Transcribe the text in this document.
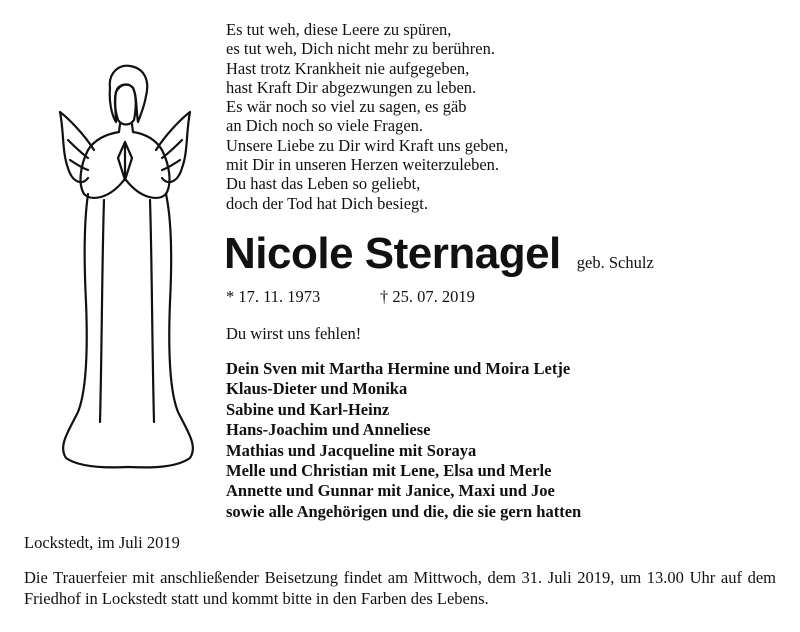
Es tut weh, diese Leere zu spüren,
es tut weh, Dich nicht mehr zu berühren.
Hast trotz Krankheit nie aufgegeben,
hast Kraft Dir abgezwungen zu leben.
Es wär noch so viel zu sagen, es gäb
an Dich noch so viele Fragen.
Unsere Liebe zu Dir wird Kraft uns geben,
mit Dir in unseren Herzen weiterzuleben.
Du hast das Leben so geliebt,
doch der Tod hat Dich besiegt.
Nicole Sternagel geb. Schulz
* 17. 11. 1973	† 25. 07. 2019
Du wirst uns fehlen!
Dein Sven mit Martha Hermine und Moira Letje
Klaus-Dieter und Monika
Sabine und Karl-Heinz
Hans-Joachim und Anneliese
Mathias und Jacqueline mit Soraya
Melle und Christian mit Lene, Elsa und Merle
Annette und Gunnar mit Janice, Maxi und Joe
sowie alle Angehörigen und die, die sie gern hatten
Lockstedt, im Juli 2019
Die Trauerfeier mit anschließender Beisetzung findet am Mittwoch, dem 31. Juli 2019, um 13.00 Uhr auf dem Friedhof in Lockstedt statt und kommt bitte in den Farben des Lebens.
